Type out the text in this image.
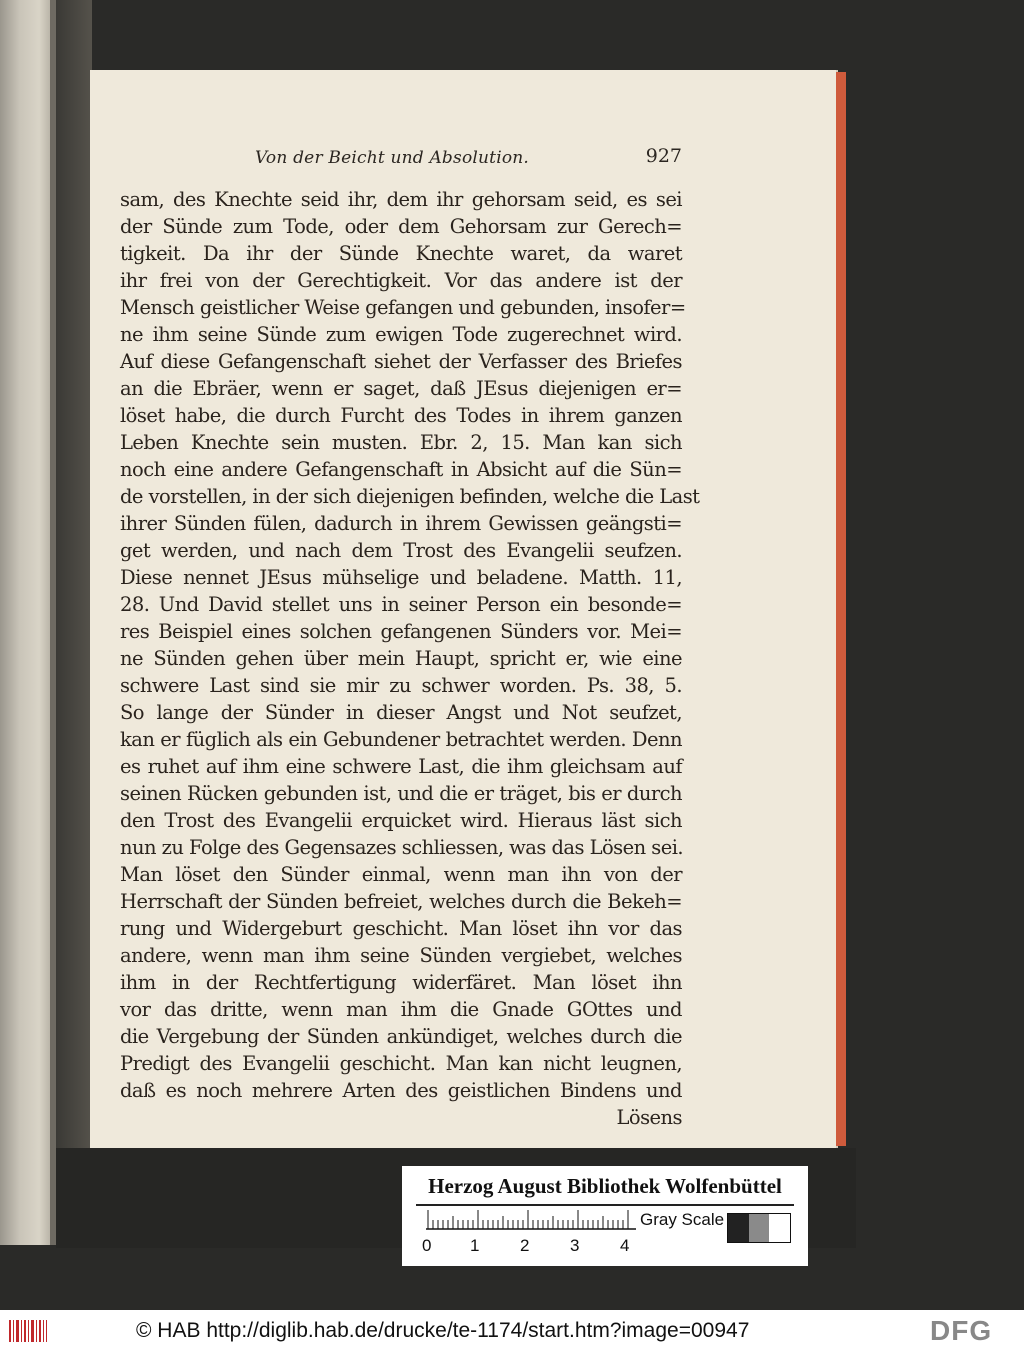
Von der Beicht und Absolution.	927
sam, des Knechte seid ihr, dem ihr gehorsam seid, es sei
der Sünde zum Tode, oder dem Gehorsam zur Gerech=
tigkeit. Da ihr der Sünde Knechte waret, da waret
ihr frei von der Gerechtigkeit. Vor das andere ist der
Mensch geistlicher Weise gefangen und gebunden, insofer=
ne ihm seine Sünde zum ewigen Tode zugerechnet wird.
Auf diese Gefangenschaft siehet der Verfasser des Briefes
an die Ebräer, wenn er saget, daß JEsus diejenigen er=
löset habe, die durch Furcht des Todes in ihrem ganzen
Leben Knechte sein musten. Ebr. 2, 15. Man kan sich
noch eine andere Gefangenschaft in Absicht auf die Sün=
de vorstellen, in der sich diejenigen befinden, welche die Last
ihrer Sünden fülen, dadurch in ihrem Gewissen geängsti=
get werden, und nach dem Trost des Evangelii seufzen.
Diese nennet JEsus mühselige und beladene. Matth. 11,
28. Und David stellet uns in seiner Person ein besonde=
res Beispiel eines solchen gefangenen Sünders vor. Mei=
ne Sünden gehen über mein Haupt, spricht er, wie eine
schwere Last sind sie mir zu schwer worden. Ps. 38, 5.
So lange der Sünder in dieser Angst und Not seufzet,
kan er füglich als ein Gebundener betrachtet werden. Denn
es ruhet auf ihm eine schwere Last, die ihm gleichsam auf
seinen Rücken gebunden ist, und die er träget, bis er durch
den Trost des Evangelii erquicket wird. Hieraus läst sich
nun zu Folge des Gegensazes schliessen, was das Lösen sei.
Man löset den Sünder einmal, wenn man ihn von der
Herrschaft der Sünden befreiet, welches durch die Bekeh=
rung und Widergeburt geschicht. Man löset ihn vor das
andere, wenn man ihm seine Sünden vergiebet, welches
ihm in der Rechtfertigung widerfäret. Man löset ihn
vor das dritte, wenn man ihm die Gnade GOttes und
die Vergebung der Sünden ankündiget, welches durch die
Predigt des Evangelii geschicht. Man kan nicht leugnen,
daß es noch mehrere Arten des geistlichen Bindens und
Lösens
Herzog August Bibliothek Wolfenbüttel
0 1 2 3 4
Gray Scale
© HAB http://diglib.hab.de/drucke/te-1174/start.htm?image=00947	DFG
